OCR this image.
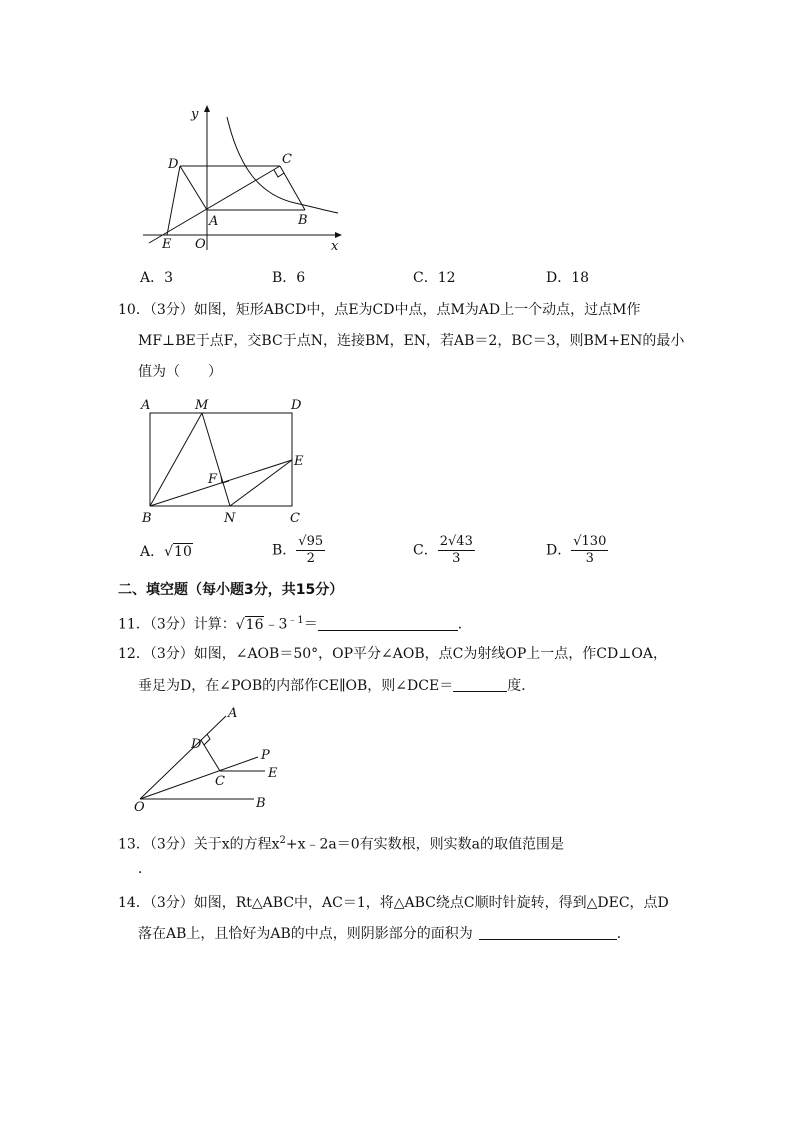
y
D	C
A	B
E O	x
A．3	B．6	C．12	D．18
10．（3分）如图，矩形ABCD中，点E为CD中点，点M为AD上一个动点，过点M作
MF⊥BE于点F，交BC于点N，连接BM，EN，若AB＝2，BC＝3，则BM+EN的最小
值为（　　）
A	M	D
E
F
B	N	C
A．√10	B． $\frac{√95}{2}$	C． $\frac{2√43}{3}$	D． $\frac{√130}{3}$
二、填空题（每小题3分，共15分）
11．（3分）计算：$√16﹣3^{﹣1}=$	．
12．（3分）如图，∠AOB＝50°，OP平分∠AOB，点C为射线OP上一点，作CD⊥OA，
垂足为D，在∠POB的内部作CE∥OB，则∠DCE＝	度．
A
D
P
C
E
O	B
13．（3分）关于x的方程$x^2+x﹣2a=0$有实数根，则实数a的取值范围是
．
14．（3分）如图，Rt△ABC中，AC＝1，将△ABC绕点C顺时针旋转，得到△DEC，点D
落在AB上，且恰好为AB的中点，则阴影部分的面积为	．
